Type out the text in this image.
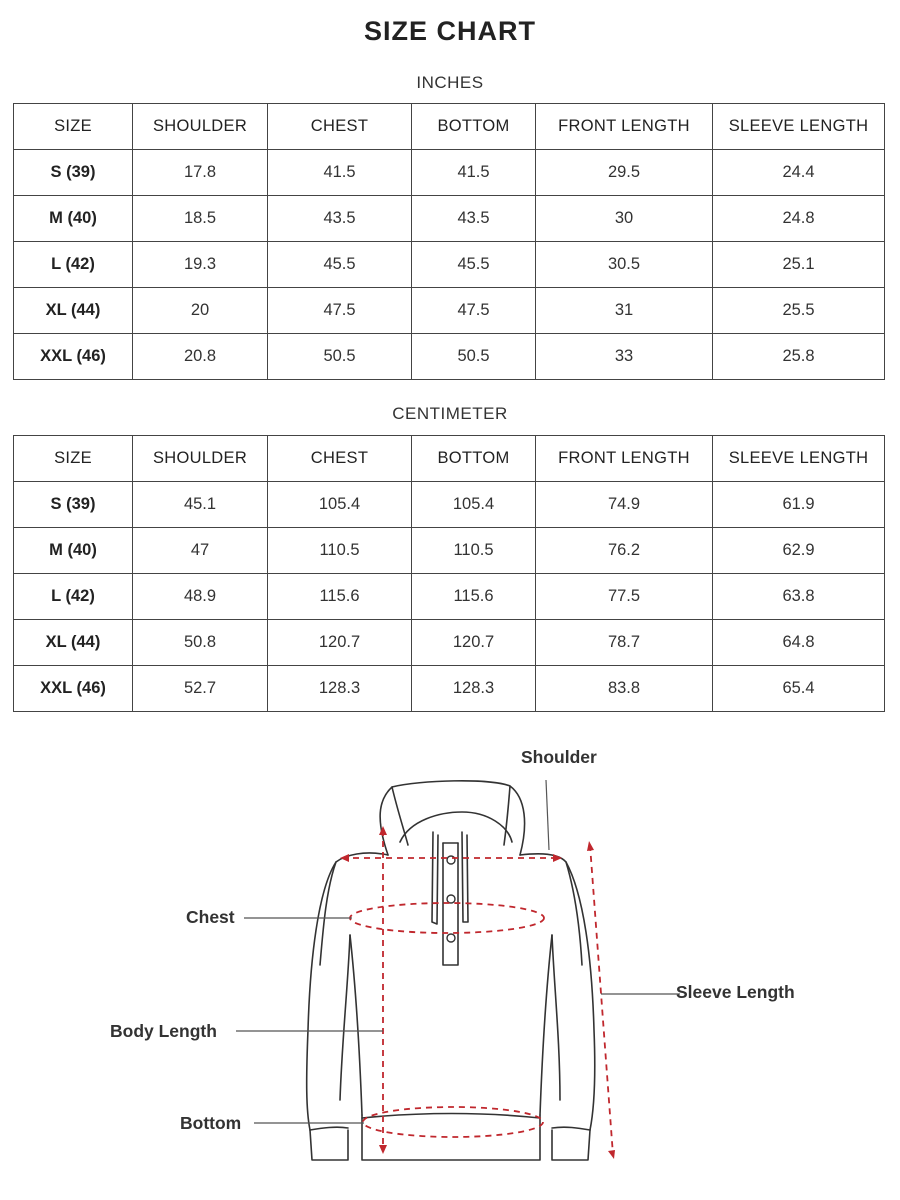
SIZE CHART
INCHES
SIZE	SHOULDER	CHEST	BOTTOM	FRONT LENGTH	SLEEVE LENGTH
S (39)	17.8	41.5	41.5	29.5	24.4
M (40)	18.5	43.5	43.5	30	24.8
L (42)	19.3	45.5	45.5	30.5	25.1
XL (44)	20	47.5	47.5	31	25.5
XXL (46)	20.8	50.5	50.5	33	25.8
CENTIMETER
SIZE	SHOULDER	CHEST	BOTTOM	FRONT LENGTH	SLEEVE LENGTH
S (39)	45.1	105.4	105.4	74.9	61.9
M (40)	47	110.5	110.5	76.2	62.9
L (42)	48.9	115.6	115.6	77.5	63.8
XL (44)	50.8	120.7	120.7	78.7	64.8
XXL (46)	52.7	128.3	128.3	83.8	65.4
Shoulder
Chest
Body Length
Sleeve Length
Bottom
